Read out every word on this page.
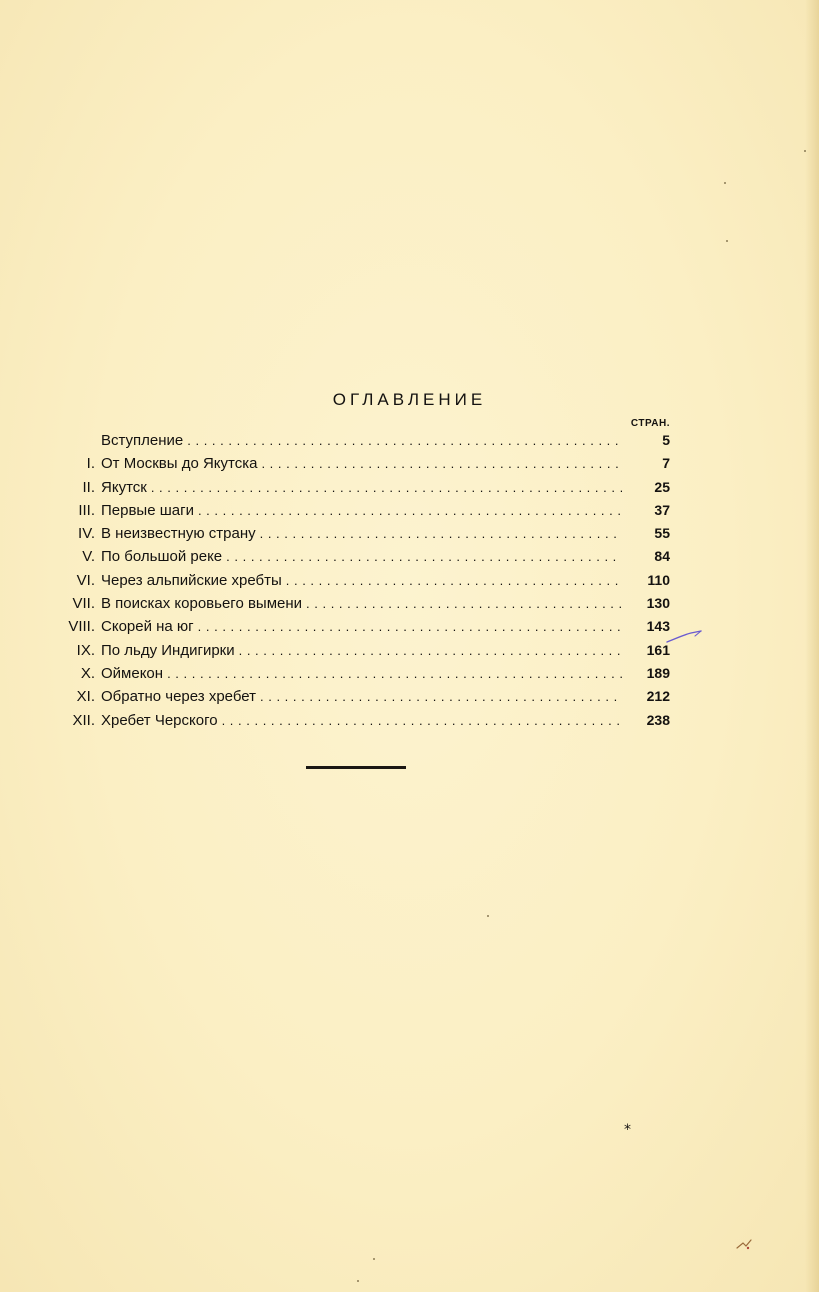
ОГЛАВЛЕНИЕ
СТРАН.
Вступление . . .	5
I. От Москвы до Якутска . . .	7
II. Якутск . . .	25
III. Первые шаги . . .	37
IV. В неизвестную страну . . .	55
V. По большой реке . . .	84
VI. Через альпийские хребты . . .	110
VII. В поисках коровьего вымени . . .	130
VIII. Скорей на юг . . .	143
IX. По льду Индигирки . . .	161
X. Оймекон . . .	189
XI. Обратно через хребет . . .	212
XII. Хребет Черского . . .	238
*
